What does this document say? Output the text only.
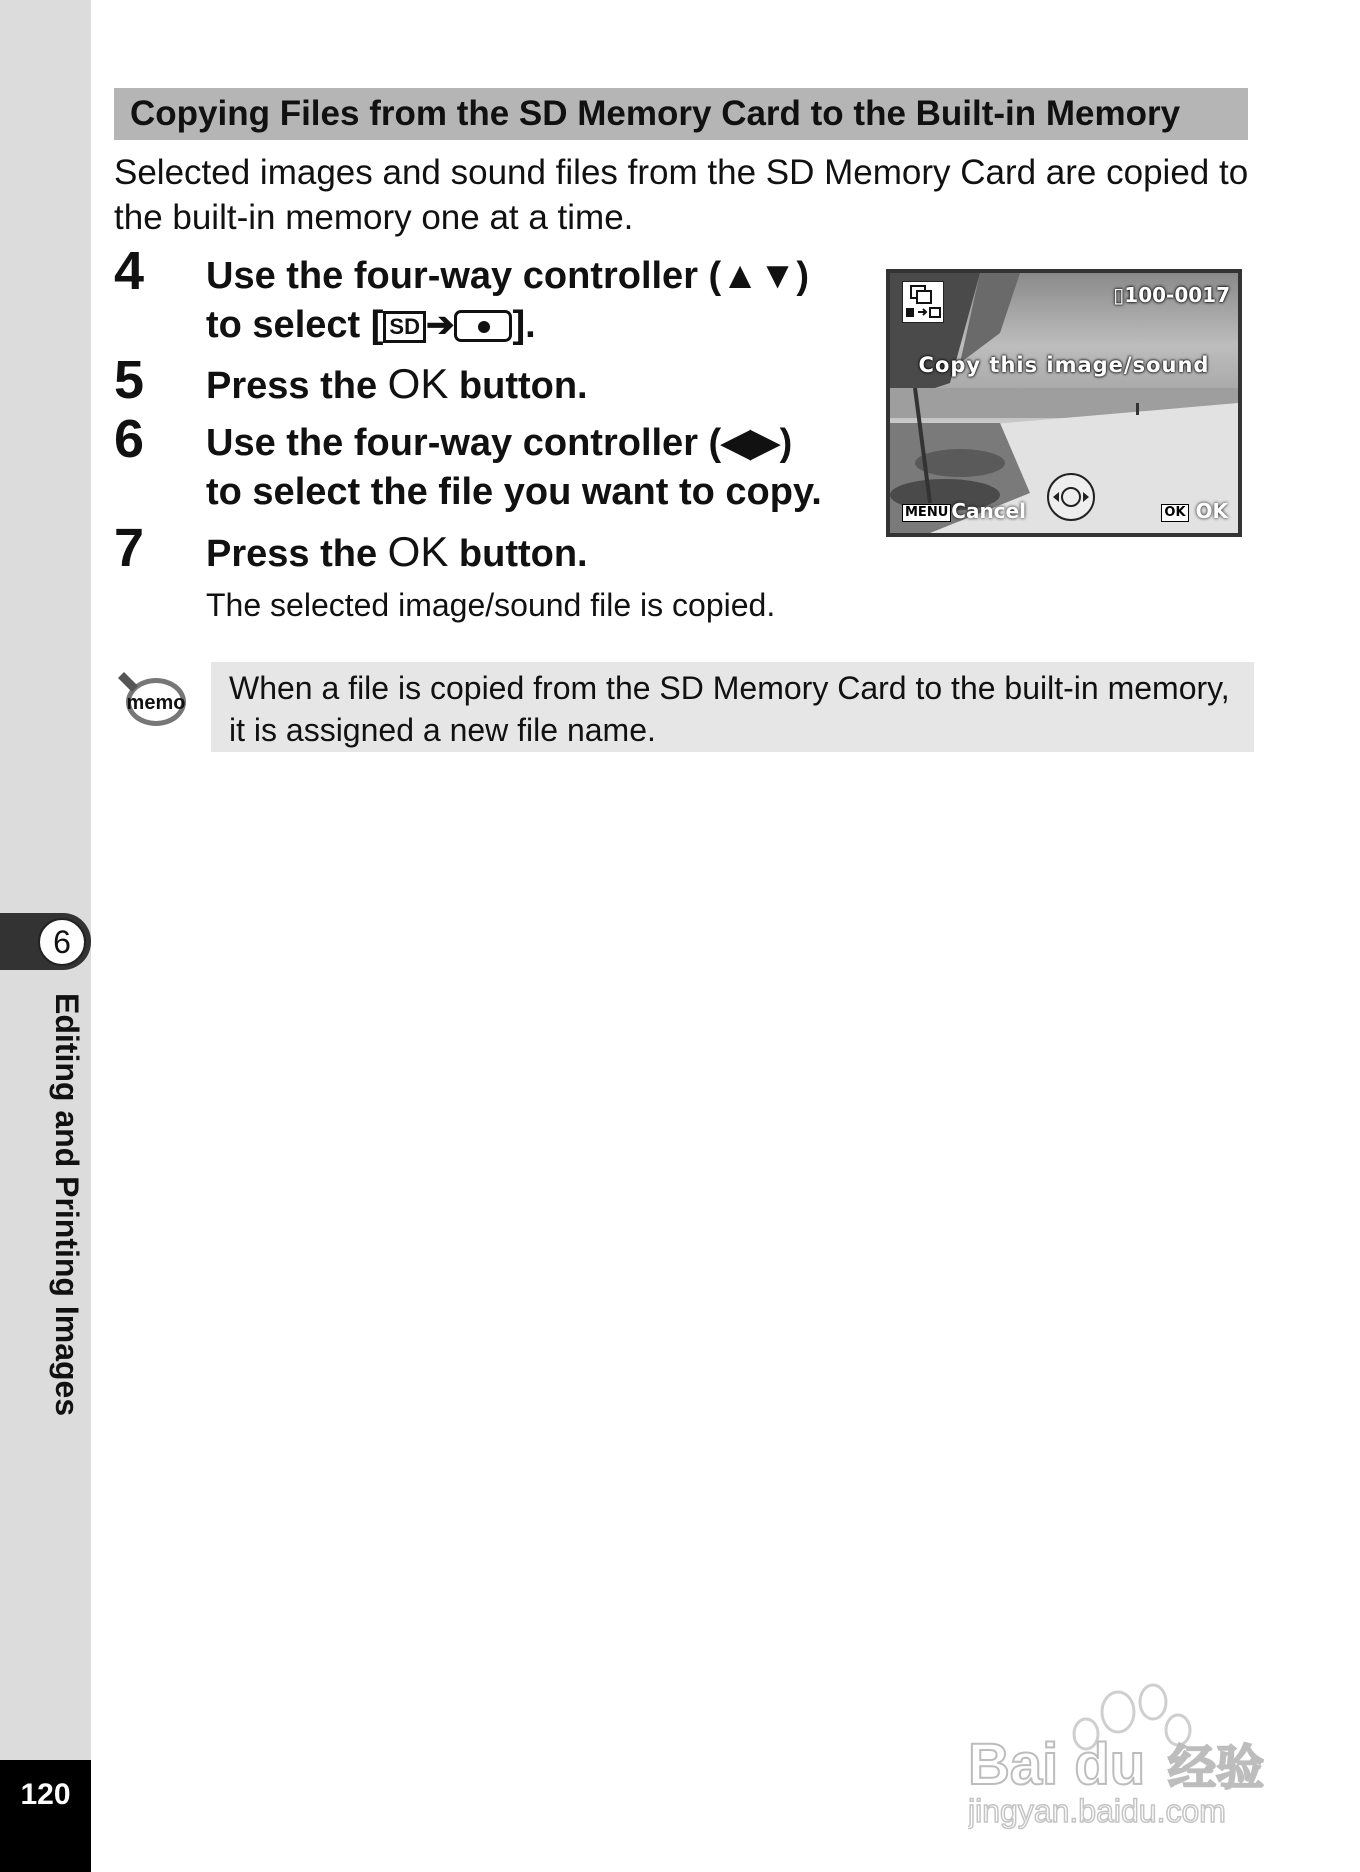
6
Editing and Printing Images
120
Copying Files from the SD Memory Card to the Built-in Memory
Selected images and sound files from the SD Memory Card are copied to the built-in memory one at a time.
4 Use the four-way controller (▲▼)
to select [ SD ➔ ].
5 Press the OK button.
6 Use the four-way controller (◀▶)
to select the file you want to copy.
7 Press the OK button.
The selected image/sound file is copied.
▯100-0017
Copy this image/sound
MENU Cancel	OK OK
memo	When a file is copied from the SD Memory Card to the built-in memory, it is assigned a new file name.
Bai du 经验
jingyan.baidu.com
